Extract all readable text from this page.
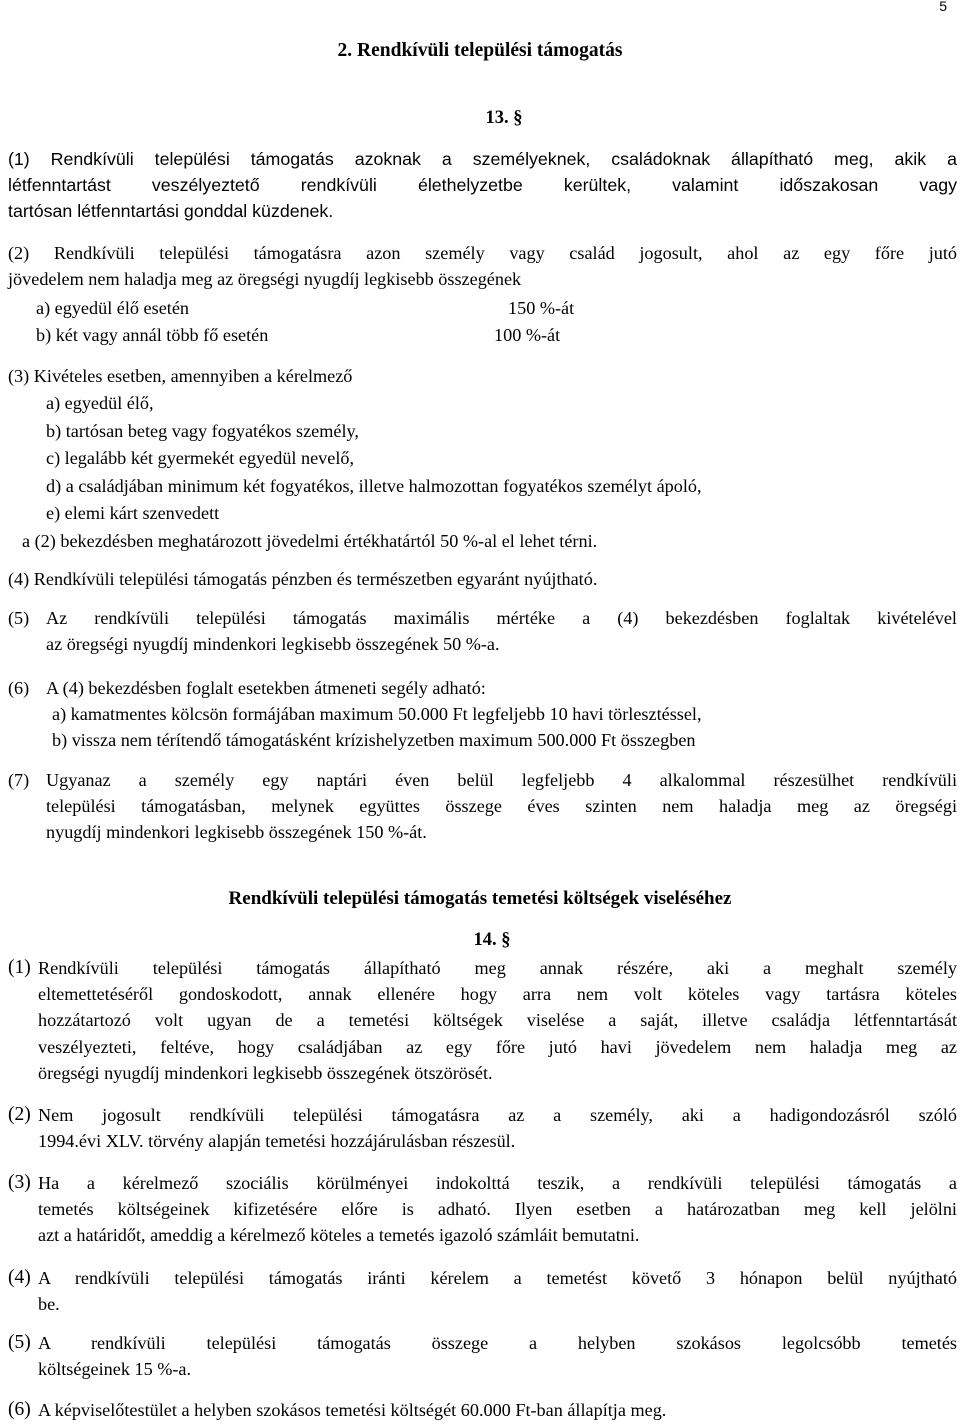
5
2. Rendkívüli települési támogatás
13. §
(1) Rendkívüli települési támogatás azoknak a személyeknek, családoknak állapítható meg, akik a
létfenntartást veszélyeztető rendkívüli élethelyzetbe kerültek, valamint időszakosan vagy
tartósan létfenntartási gonddal küzdenek.
(2) Rendkívüli települési támogatásra azon személy vagy család jogosult, ahol az egy főre jutó
jövedelem nem haladja meg az öregségi nyugdíj legkisebb összegének
a) egyedül élő esetén	150 %-át
b) két vagy annál több fő esetén	100 %-át
(3) Kivételes esetben, amennyiben a kérelmező
a) egyedül élő,
b) tartósan beteg vagy fogyatékos személy,
c) legalább két gyermekét egyedül nevelő,
d) a családjában minimum két fogyatékos, illetve halmozottan fogyatékos személyt ápoló,
e) elemi kárt szenvedett
a (2) bekezdésben meghatározott jövedelmi értékhatártól 50 %-al el lehet térni.
(4) Rendkívüli települési támogatás pénzben és természetben egyaránt nyújtható.
(5) Az rendkívüli települési támogatás maximális mértéke a (4) bekezdésben foglaltak kivételével
az öregségi nyugdíj mindenkori legkisebb összegének 50 %-a.
(6) A (4) bekezdésben foglalt esetekben átmeneti segély adható:
a) kamatmentes kölcsön formájában maximum 50.000 Ft legfeljebb 10 havi törlesztéssel,
b) vissza nem térítendő támogatásként krízishelyzetben maximum 500.000 Ft összegben
(7) Ugyanaz a személy egy naptári éven belül legfeljebb 4 alkalommal részesülhet rendkívüli
települési támogatásban, melynek együttes összege éves szinten nem haladja meg az öregségi
nyugdíj mindenkori legkisebb összegének 150 %-át.
Rendkívüli települési támogatás temetési költségek viseléséhez
14. §
(1) Rendkívüli települési támogatás állapítható meg annak részére, aki a meghalt személy
eltemettetéséről gondoskodott, annak ellenére hogy arra nem volt köteles vagy tartásra köteles
hozzátartozó volt ugyan de a temetési költségek viselése a saját, illetve családja létfenntartását
veszélyezteti, feltéve, hogy családjában az egy főre jutó havi jövedelem nem haladja meg az
öregségi nyugdíj mindenkori legkisebb összegének ötszörösét.
(2) Nem jogosult rendkívüli települési támogatásra az a személy, aki a hadigondozásról szóló
1994.évi XLV. törvény alapján temetési hozzájárulásban részesül.
(3) Ha a kérelmező szociális körülményei indokolttá teszik, a rendkívüli települési támogatás a
temetés költségeinek kifizetésére előre is adható. Ilyen esetben a határozatban meg kell jelölni
azt a határidőt, ameddig a kérelmező köteles a temetés igazoló számláit bemutatni.
(4) A rendkívüli települési támogatás iránti kérelem a temetést követő 3 hónapon belül nyújtható
be.
(5) A rendkívüli települési támogatás összege a helyben szokásos legolcsóbb temetés
költségeinek 15 %-a.
(6) A képviselőtestület a helyben szokásos temetési költségét 60.000 Ft-ban állapítja meg.
